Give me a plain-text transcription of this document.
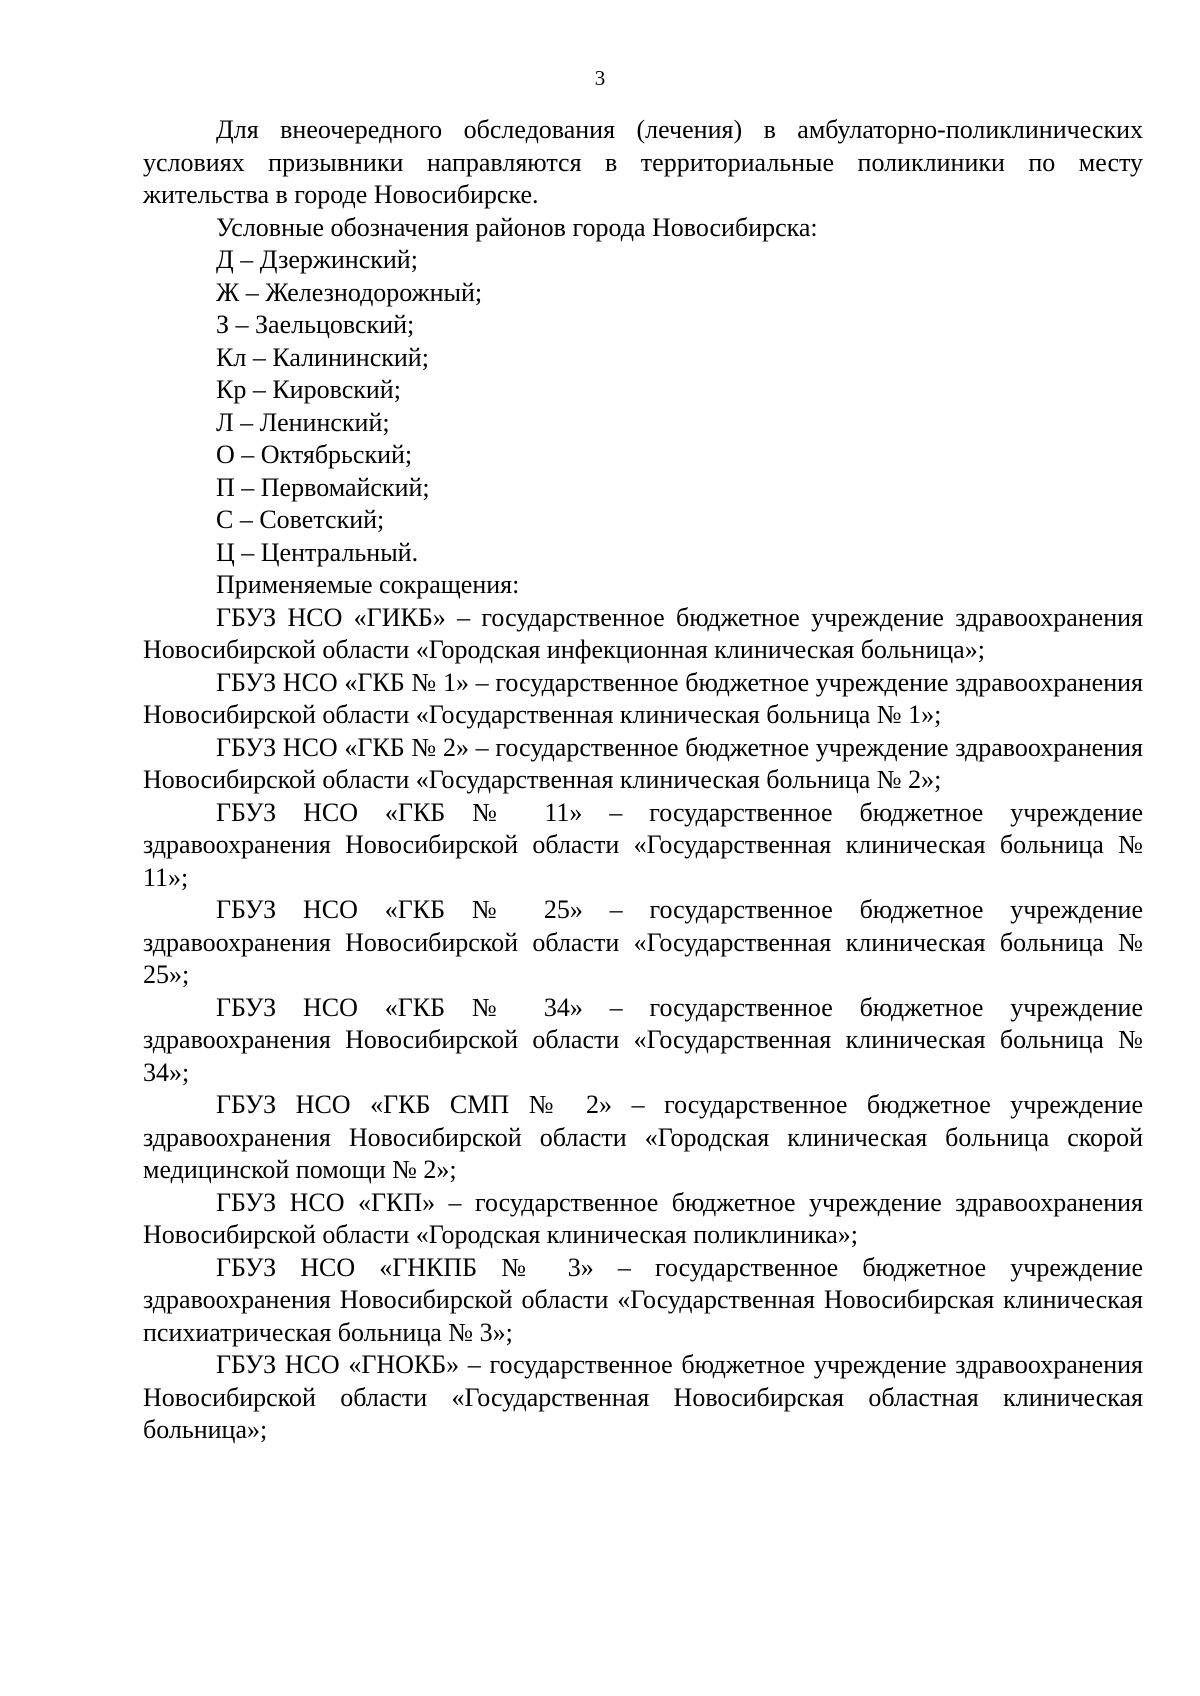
3

Для внеочередного обследования (лечения) в амбулаторно-поликлинических условиях призывники направляются в территориальные поликлиники по месту жительства в городе Новосибирске.

Условные обозначения районов города Новосибирска:

Д – Дзержинский;

Ж – Железнодорожный;

З – Заельцовский;

Кл – Калининский;

Кр – Кировский;

Л – Ленинский;

О – Октябрьский;

П – Первомайский;

С – Советский;

Ц – Центральный.

Применяемые сокращения:

ГБУЗ НСО «ГИКБ» – государственное бюджетное учреждение здравоохранения Новосибирской области «Городская инфекционная клиническая больница»;

ГБУЗ НСО «ГКБ № 1» – государственное бюджетное учреждение здравоохранения Новосибирской области «Государственная клиническая больница № 1»;

ГБУЗ НСО «ГКБ № 2» – государственное бюджетное учреждение здравоохранения Новосибирской области «Государственная клиническая больница № 2»;

ГБУЗ НСО «ГКБ № 11» – государственное бюджетное учреждение здравоохранения Новосибирской области «Государственная клиническая больница № 11»;

ГБУЗ НСО «ГКБ № 25» – государственное бюджетное учреждение здравоохранения Новосибирской области «Государственная клиническая больница № 25»;

ГБУЗ НСО «ГКБ № 34» – государственное бюджетное учреждение здравоохранения Новосибирской области «Государственная клиническая больница № 34»;

ГБУЗ НСО «ГКБ СМП № 2» – государственное бюджетное учреждение здравоохранения Новосибирской области «Городская клиническая больница скорой медицинской помощи № 2»;

ГБУЗ НСО «ГКП» – государственное бюджетное учреждение здравоохранения Новосибирской области «Городская клиническая поликлиника»;

ГБУЗ НСО «ГНКПБ № 3» – государственное бюджетное учреждение здравоохранения Новосибирской области «Государственная Новосибирская клиническая психиатрическая больница № 3»;

ГБУЗ НСО «ГНОКБ» – государственное бюджетное учреждение здравоохранения Новосибирской области «Государственная Новосибирская областная клиническая больница»;
